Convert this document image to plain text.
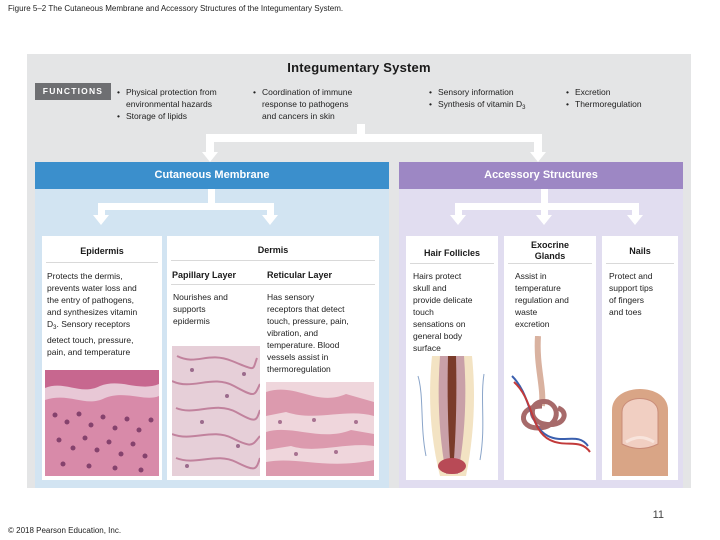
Figure 5–2 The Cutaneous Membrane and Accessory Structures of the Integumentary System.
Integumentary System
FUNCTIONS
•	Physical protection from
environmental hazards
• Storage of lipids
• Coordination of immune
response to pathogens
and cancers in skin
• Sensory information
• Synthesis of vitamin $D_3$
• Excretion
• Thermoregulation
Cutaneous Membrane	Accessory Structures
Epidermis
Protects the dermis,
prevents water loss and
the entry of pathogens,
and synthesizes vitamin
$D_3$. Sensory receptors
detect touch, pressure,
pain, and temperature
Dermis
Papillary Layer	Reticular Layer
Nourishes and
supports
epidermis
Has sensory
receptors that detect
touch, pressure, pain,
vibration, and
temperature. Blood
vessels assist in
thermoregulation
Hair Follicles
Hairs protect
skull and
provide delicate
touch
sensations on
general body
surface
Exocrine
Glands
Assist in
temperature
regulation and
waste
excretion
Nails
Protect and
support tips
of fingers
and toes
11
© 2018 Pearson Education, Inc.
